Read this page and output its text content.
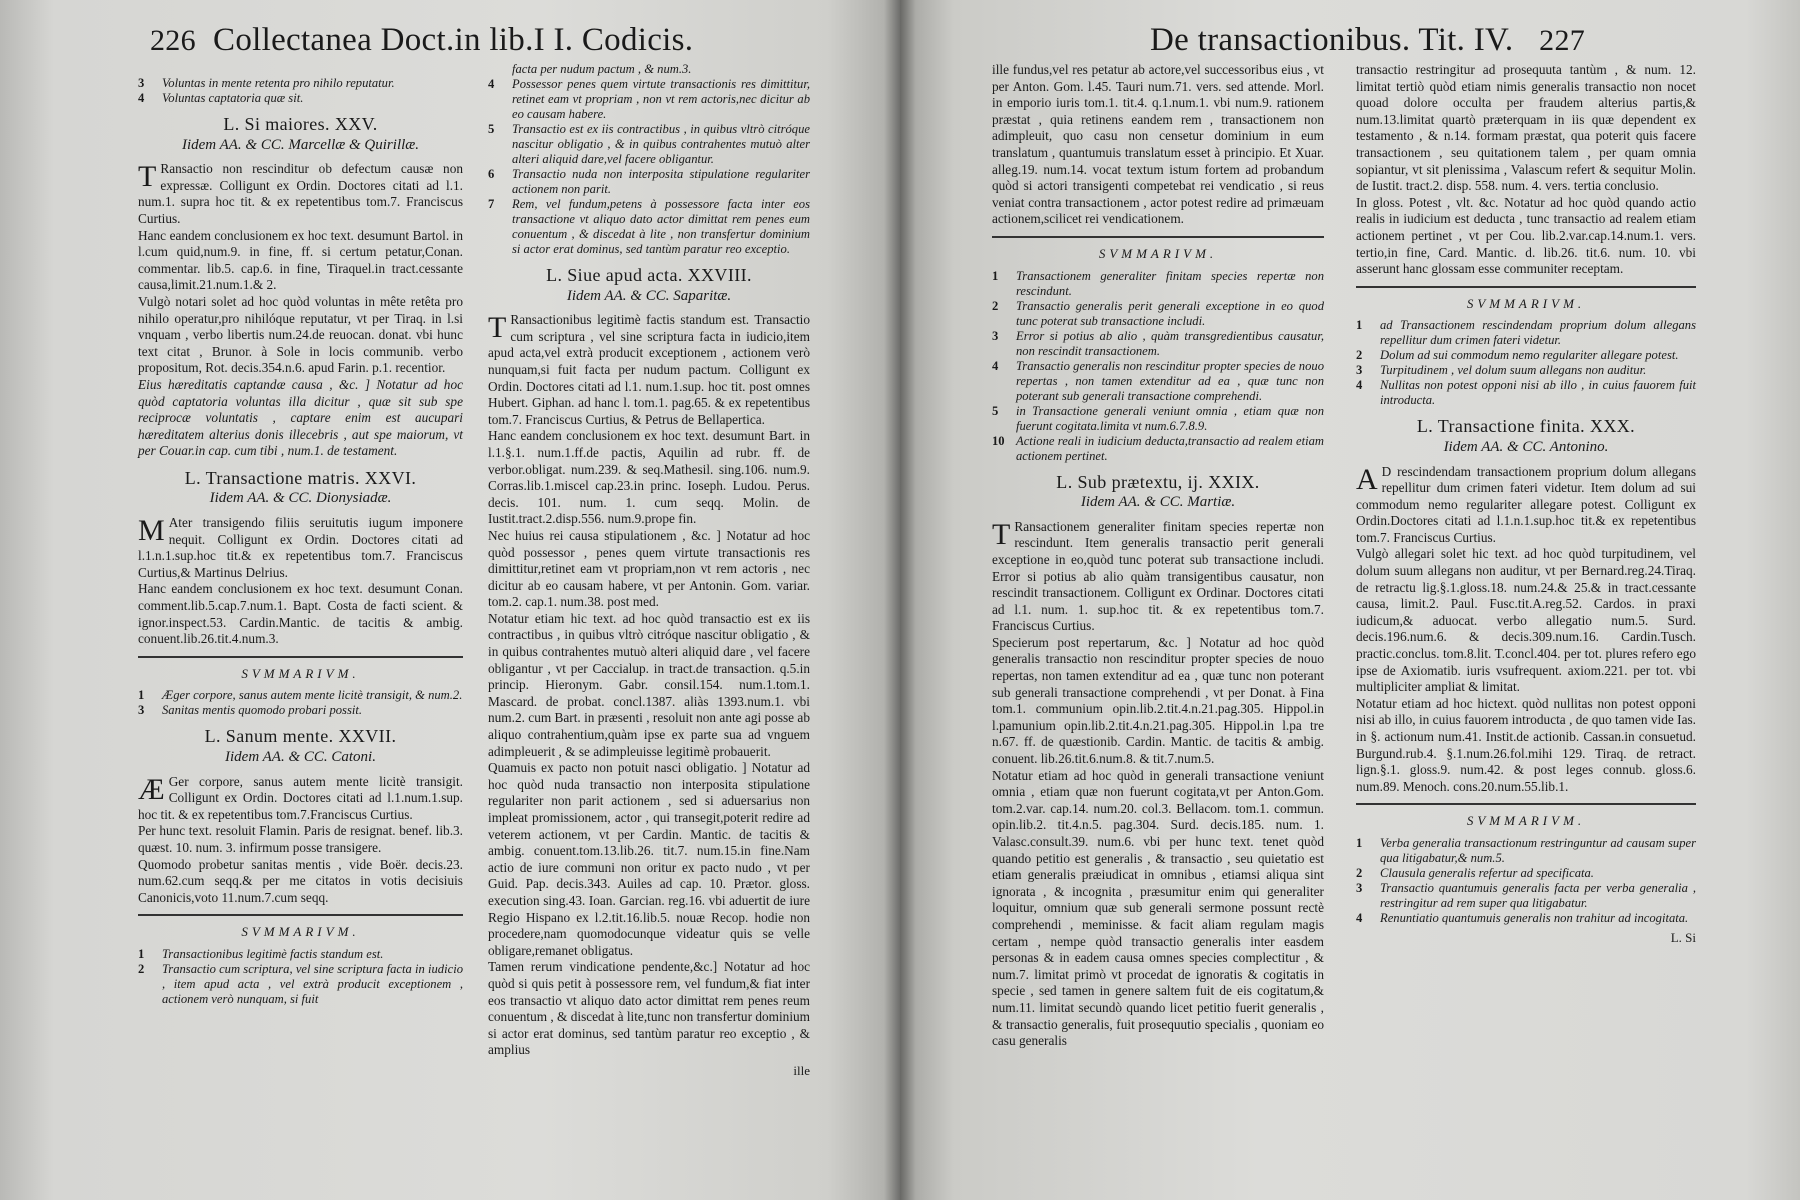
226 Collectanea Doct.in lib.I I. Codicis.
3	Voluntas in mente retenta pro nihilo reputatur.
4	Voluntas captatoria quæ sit.
L. Si maiores. XXV.
Iidem AA. & CC. Marcellæ & Quirillæ.

T Ransactio non rescinditur ob defectum causæ non expressæ. Colligunt ex Ordin. Doctores citati ad l.1. num.1. supra hoc tit. & ex repetentibus tom.7. Franciscus Curtius.

Hanc eandem conclusionem ex hoc text. desumunt Bartol. in l.cum quid,num.9. in fine, ff. si certum petatur,Conan. commentar. lib.5. cap.6. in fine, Tiraquel.in tract.cessante causa,limit.21.num.1.& 2.

Vulgò notari solet ad hoc quòd voluntas in mête retêta pro nihilo operatur,pro nihilóque reputatur, vt per Tiraq. in l.si vnquam , verbo libertis num.24.de reuocan. donat. vbi hunc text citat , Brunor. à Sole in locis communib. verbo propositum, Rot. decis.354.n.6. apud Farin. p.1. recentior.

Eius hæreditatis captandæ causa , &c. ] Notatur ad hoc quòd captatoria voluntas illa dicitur , quæ sit sub spe reciprocæ voluntatis , captare enim est aucupari hæreditatem alterius donis illecebris , aut spe maiorum, vt per Couar.in cap. cum tibi , num.1. de testament.

L. Transactione matris. XXVI.
Iidem AA. & CC. Dionysiadæ.

M Ater transigendo filiis seruitutis iugum imponere nequit. Colligunt ex Ordin. Doctores citati ad l.1.n.1.sup.hoc tit.& ex repetentibus tom.7. Franciscus Curtius,& Martinus Delrius.

Hanc eandem conclusionem ex hoc text. desumunt Conan. comment.lib.5.cap.7.num.1. Bapt. Costa de facti scient. & ignor.inspect.53. Cardin.Mantic. de tacitis & ambig. conuent.lib.26.tit.4.num.3.

SVMMARIVM.
1	Æger corpore, sanus autem mente licitè transigit, & num.2.
3	Sanitas mentis quomodo probari possit.
L. Sanum mente. XXVII.
Iidem AA. & CC. Catoni.

Æ Ger corpore, sanus autem mente licitè transigit. Colligunt ex Ordin. Doctores citati ad l.1.num.1.sup. hoc tit. & ex repetentibus tom.7.Franciscus Curtius.

Per hunc text. resoluit Flamin. Paris de resignat. benef. lib.3. quæst. 10. num. 3. infirmum posse transigere.

Quomodo probetur sanitas mentis , vide Boër. decis.23. num.62.cum seqq.& per me citatos in votis decisiuis Canonicis,voto 11.num.7.cum seqq.

SVMMARIVM.
1	Transactionibus legitimè factis standum est.
2	Transactio cum scriptura, vel sine scriptura facta in iudicio , item apud acta , vel extrà producit exceptionem , actionem verò nunquam, si fuit
facta per nudum pactum , & num.3.
4	Possessor penes quem virtute transactionis res dimittitur, retinet eam vt propriam , non vt rem actoris,nec dicitur ab eo causam habere.
5	Transactio est ex iis contractibus , in quibus vltrò citróque nascitur obligatio , & in quibus contrahentes mutuò alter alteri aliquid dare,vel facere obligantur.
6	Transactio nuda non interposita stipulatione regulariter actionem non parit.
7	Rem, vel fundum,petens à possessore facta inter eos transactione vt aliquo dato actor dimittat rem penes eum conuentum , & discedat à lite , non transfertur dominium si actor erat dominus, sed tantùm paratur reo exceptio.
L. Siue apud acta. XXVIII.
Iidem AA. & CC. Saparitæ.

T Ransactionibus legitimè factis standum est. Transactio cum scriptura , vel sine scriptura facta in iudicio,item apud acta,vel extrà producit exceptionem , actionem verò nunquam,si fuit facta per nudum pactum. Colligunt ex Ordin. Doctores citati ad l.1. num.1.sup. hoc tit. post omnes Hubert. Giphan. ad hanc l. tom.1. pag.65. & ex repetentibus tom.7. Franciscus Curtius, & Petrus de Bellapertica.

Hanc eandem conclusionem ex hoc text. desumunt Bart. in l.1.§.1. num.1.ff.de pactis, Aquilin ad rubr. ff. de verbor.obligat. num.239. & seq.Mathesil. sing.106. num.9. Corras.lib.1.miscel cap.23.in princ. Ioseph. Ludou. Perus. decis. 101. num. 1. cum seqq. Molin. de Iustit.tract.2.disp.556. num.9.prope fin.

Nec huius rei causa stipulationem , &c. ] Notatur ad hoc quòd possessor , penes quem virtute transactionis res dimittitur,retinet eam vt propriam,non vt rem actoris , nec dicitur ab eo causam habere, vt per Antonin. Gom. variar. tom.2. cap.1. num.38. post med.

Notatur etiam hic text. ad hoc quòd transactio est ex iis contractibus , in quibus vltrò citróque nascitur obligatio , & in quibus contrahentes mutuò alteri aliquid dare , vel facere obligantur , vt per Caccialup. in tract.de transaction. q.5.in princip. Hieronym. Gabr. consil.154. num.1.tom.1. Mascard. de probat. concl.1387. aliàs 1393.num.1. vbi num.2. cum Bart. in præsenti , resoluit non ante agi posse ab aliquo contrahentium,quàm ipse ex parte sua ad vnguem adimpleuerit , & se adimpleuisse legitimè probauerit.

Quamuis ex pacto non potuit nasci obligatio. ] Notatur ad hoc quòd nuda transactio non interposita stipulatione regulariter non parit actionem , sed si aduersarius non impleat promissionem, actor , qui transegit,poterit redire ad veterem actionem, vt per Cardin. Mantic. de tacitis & ambig. conuent.tom.13.lib.26. tit.7. num.15.in fine.Nam actio de iure communi non oritur ex pacto nudo , vt per Guid. Pap. decis.343. Auiles ad cap. 10. Prætor. gloss. execution sing.43. Ioan. Garcian. reg.16. vbi aduertit de iure Regio Hispano ex l.2.tit.16.lib.5. nouæ Recop. hodie non procedere,nam quomodocunque videatur quis se velle obligare,remanet obligatus.

Tamen rerum vindicatione pendente,&c.] Notatur ad hoc quòd si quis petit à possessore rem, vel fundum,& fiat inter eos transactio vt aliquo dato actor dimittat rem penes reum conuentum , & discedat à lite,tunc non transfertur dominium si actor erat dominus, sed tantùm paratur reo exceptio , & amplius

ille
De transactionibus. Tit. IV. 227

ille fundus,vel res petatur ab actore,vel successoribus eius , vt per Anton. Gom. l.45. Tauri num.71. vers. sed attende. Morl. in emporio iuris tom.1. tit.4. q.1.num.1. vbi num.9. rationem præstat , quia retinens eandem rem , transactionem non adimpleuit, quo casu non censetur dominium in eum translatum , quantumuis translatum esset à principio. Et Xuar. alleg.19. num.14. vocat textum istum fortem ad probandum quòd si actori transigenti competebat rei vendicatio , si reus veniat contra transactionem , actor potest redire ad primæuam actionem,scilicet rei vendicationem.

SVMMARIVM.
1	Transactionem generaliter finitam species repertæ non rescindunt.
2	Transactio generalis perit generali exceptione in eo quod tunc poterat sub transactione includi.
3	Error si potius ab alio , quàm transgredientibus causatur, non rescindit transactionem.
4	Transactio generalis non rescinditur propter species de nouo repertas , non tamen extenditur ad ea , quæ tunc non poterant sub generali transactione comprehendi.
5	in Transactione generali veniunt omnia , etiam quæ non fuerunt cogitata.limita vt num.6.7.8.9.
10 Actione reali in iudicium deducta,transactio ad realem etiam actionem pertinet.
L. Sub prætextu, ij. XXIX.
Iidem AA. & CC. Martiæ.

T Ransactionem generaliter finitam species repertæ non rescindunt. Item generalis transactio perit generali exceptione in eo,quòd tunc poterat sub transactione includi. Error si potius ab alio quàm transigentibus causatur, non rescindit transactionem. Colligunt ex Ordinar. Doctores citati ad l.1. num. 1. sup.hoc tit. & ex repetentibus tom.7. Franciscus Curtius.

Specierum post repertarum, &c. ] Notatur ad hoc quòd generalis transactio non rescinditur propter species de nouo repertas, non tamen extenditur ad ea , quæ tunc non poterant sub generali transactione comprehendi , vt per Donat. à Fina tom.1. communium opin.lib.2.tit.4.n.21.pag.305. Hippol.in l.pamunium opin.lib.2.tit.4.n.21.pag.305. Hippol.in l.pa tre n.67. ff. de quæstionib. Cardin. Mantic. de tacitis & ambig. conuent. lib.26.tit.6.num.8. & tit.7.num.5.

Notatur etiam ad hoc quòd in generali transactione veniunt omnia , etiam quæ non fuerunt cogitata,vt per Anton.Gom. tom.2.var. cap.14. num.20. col.3. Bellacom. tom.1. commun. opin.lib.2. tit.4.n.5. pag.304. Surd. decis.185. num. 1. Valasc.consult.39. num.6. vbi per hunc text. tenet quòd quando petitio est generalis , & transactio , seu quietatio est etiam generalis præiudicat in omnibus , etiamsi aliqua sint ignorata , & incognita , præsumitur enim qui generaliter loquitur, omnium quæ sub generali sermone possunt rectè comprehendi , meminisse. & facit aliam regulam magis certam , nempe quòd transactio generalis inter easdem personas & in eadem causa omnes species complectitur , & num.7. limitat primò vt procedat de ignoratis & cogitatis in specie , sed tamen in genere saltem fuit de eis cogitatum,& num.11. limitat secundò quando licet petitio fuerit generalis , & transactio generalis, fuit prosequutio specialis , quoniam eo casu generalis

transactio restringitur ad prosequuta tantùm , & num. 12. limitat tertiò quòd etiam nimis generalis transactio non nocet quoad dolore occulta per fraudem alterius partis,& num.13.limitat quartò præterquam in iis quæ dependent ex testamento , & n.14. formam præstat, qua poterit quis facere transactionem , seu quitationem talem , per quam omnia sopiantur, vt sit plenissima , Valascum refert & sequitur Molin. de Iustit. tract.2. disp. 558. num. 4. vers. tertia conclusio.

In gloss. Potest , vlt. &c. Notatur ad hoc quòd quando actio realis in iudicium est deducta , tunc transactio ad realem etiam actionem pertinet , vt per Cou. lib.2.var.cap.14.num.1. vers. tertio,in fine, Card. Mantic. d. lib.26. tit.6. num. 10. vbi asserunt hanc glossam esse communiter receptam.

SVMMARIVM.
1	ad Transactionem rescindendam proprium dolum allegans repellitur dum crimen fateri videtur.
2	Dolum ad sui commodum nemo regulariter allegare potest.
3	Turpitudinem , vel dolum suum allegans non auditur.
4	Nullitas non potest opponi nisi ab illo , in cuius fauorem fuit introducta.
L. Transactione finita. XXX.
Iidem AA. & CC. Antonino.

A D rescindendam transactionem proprium dolum allegans repellitur dum crimen fateri videtur. Item dolum ad sui commodum nemo regulariter allegare potest. Colligunt ex Ordin.Doctores citati ad l.1.n.1.sup.hoc tit.& ex repetentibus tom.7. Franciscus Curtius.

Vulgò allegari solet hic text. ad hoc quòd turpitudinem, vel dolum suum allegans non auditur, vt per Bernard.reg.24.Tiraq. de retractu lig.§.1.gloss.18. num.24.& 25.& in tract.cessante causa, limit.2. Paul. Fusc.tit.A.reg.52. Cardos. in praxi iudicum,& aduocat. verbo allegatio num.5. Surd. decis.196.num.6. & decis.309.num.16. Cardin.Tusch. practic.conclus. tom.8.lit. T.concl.404. per tot. plures refero ego ipse de Axiomatib. iuris vsufrequent. axiom.221. per tot. vbi multipliciter ampliat & limitat.

Notatur etiam ad hoc hictext. quòd nullitas non potest opponi nisi ab illo, in cuius fauorem introducta , de quo tamen vide Ias. in §. actionum num.41. Instit.de actionib. Cassan.in consuetud. Burgund.rub.4. §.1.num.26.fol.mihi 129. Tiraq. de retract. lign.§.1. gloss.9. num.42. & post leges connub. gloss.6. num.89. Menoch. cons.20.num.55.lib.1.

SVMMARIVM.
1	Verba generalia transactionum restringuntur ad causam super qua litigabatur,& num.5.
2	Clausula generalis refertur ad specificata.
3	Transactio quantumuis generalis facta per verba generalia , restringitur ad rem super qua litigabatur.
4	Renuntiatio quantumuis generalis non trahitur ad incogitata.
L. Si
